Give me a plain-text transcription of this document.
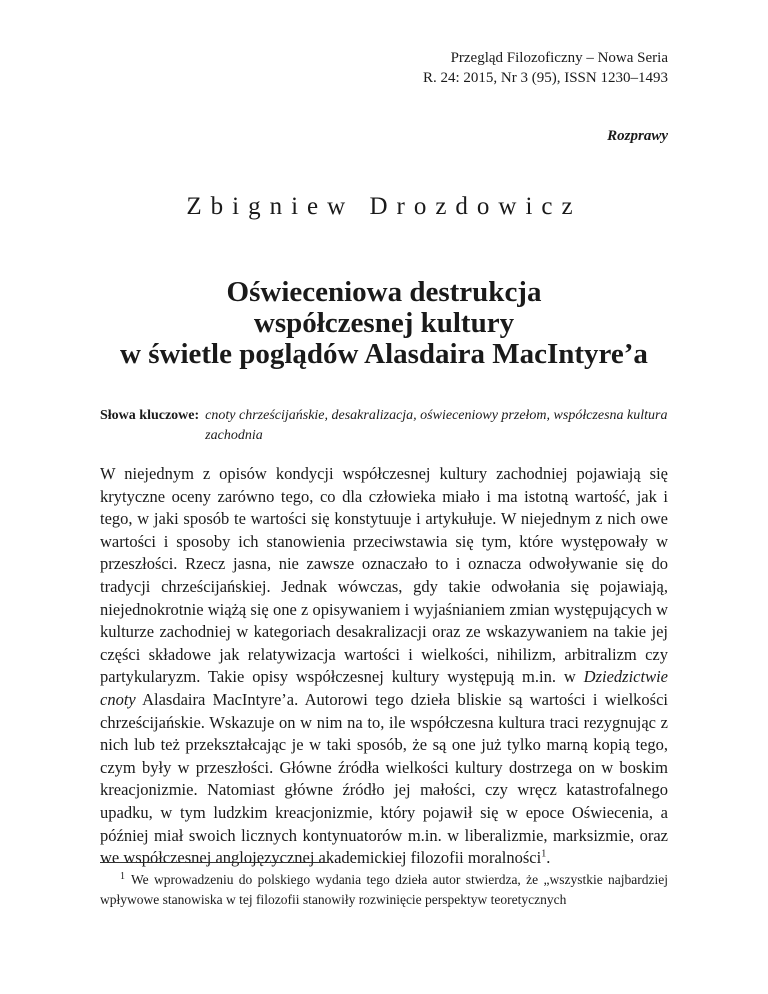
Przegląd Filozoficzny – Nowa Seria
R. 24: 2015, Nr 3 (95), ISSN 1230–1493
Rozprawy
Zbigniew Drozdowicz
Oświeceniowa destrukcja
współczesnej kultury
w świetle poglądów Alasdaira MacIntyre’a
Słowa kluczowe: cnoty chrześcijańskie, desakralizacja, oświeceniowy przełom, współczesna kultura zachodnia

W niejednym z opisów kondycji współczesnej kultury zachodniej pojawiają się krytyczne oceny zarówno tego, co dla człowieka miało i ma istotną wartość, jak i tego, w jaki sposób te wartości się konstytuuje i artykułuje. W niejednym z nich owe wartości i sposoby ich stanowienia przeciwstawia się tym, które występowały w przeszłości. Rzecz jasna, nie zawsze oznaczało to i oznacza odwoływanie się do tradycji chrześcijańskiej. Jednak wówczas, gdy takie odwołania się pojawiają, niejednokrotnie wiążą się one z opisywaniem i wyjaśnianiem zmian występujących w kulturze zachodniej w kategoriach desakralizacji oraz ze wskazywaniem na takie jej części składowe jak relatywizacja wartości i wielkości, nihilizm, arbitralizm czy partykularyzm. Takie opisy współczesnej kultury występują m.in. w Dziedzictwie cnoty Alasdaira MacIntyre’a. Autorowi tego dzieła bliskie są wartości i wielkości chrześcijańskie. Wskazuje on w nim na to, ile współczesna kultura traci rezygnując z nich lub też przekształcając je w taki sposób, że są one już tylko marną kopią tego, czym były w przeszłości. Główne źródła wielkości kultury dostrzega on w boskim kreacjonizmie. Natomiast główne źródło jej małości, czy wręcz katastrofalnego upadku, w tym ludzkim kreacjonizmie, który pojawił się w epoce Oświecenia, a później miał swoich licznych kontynuatorów m.in. w liberalizmie, marksizmie, oraz we współczesnej anglojęzycznej akademickiej filozofii moralności$^1$.

$^1$ We wprowadzeniu do polskiego wydania tego dzieła autor stwierdza, że „wszystkie najbardziej wpływowe stanowiska w tej filozofii stanowiły rozwinięcie perspektyw teoretycznych
